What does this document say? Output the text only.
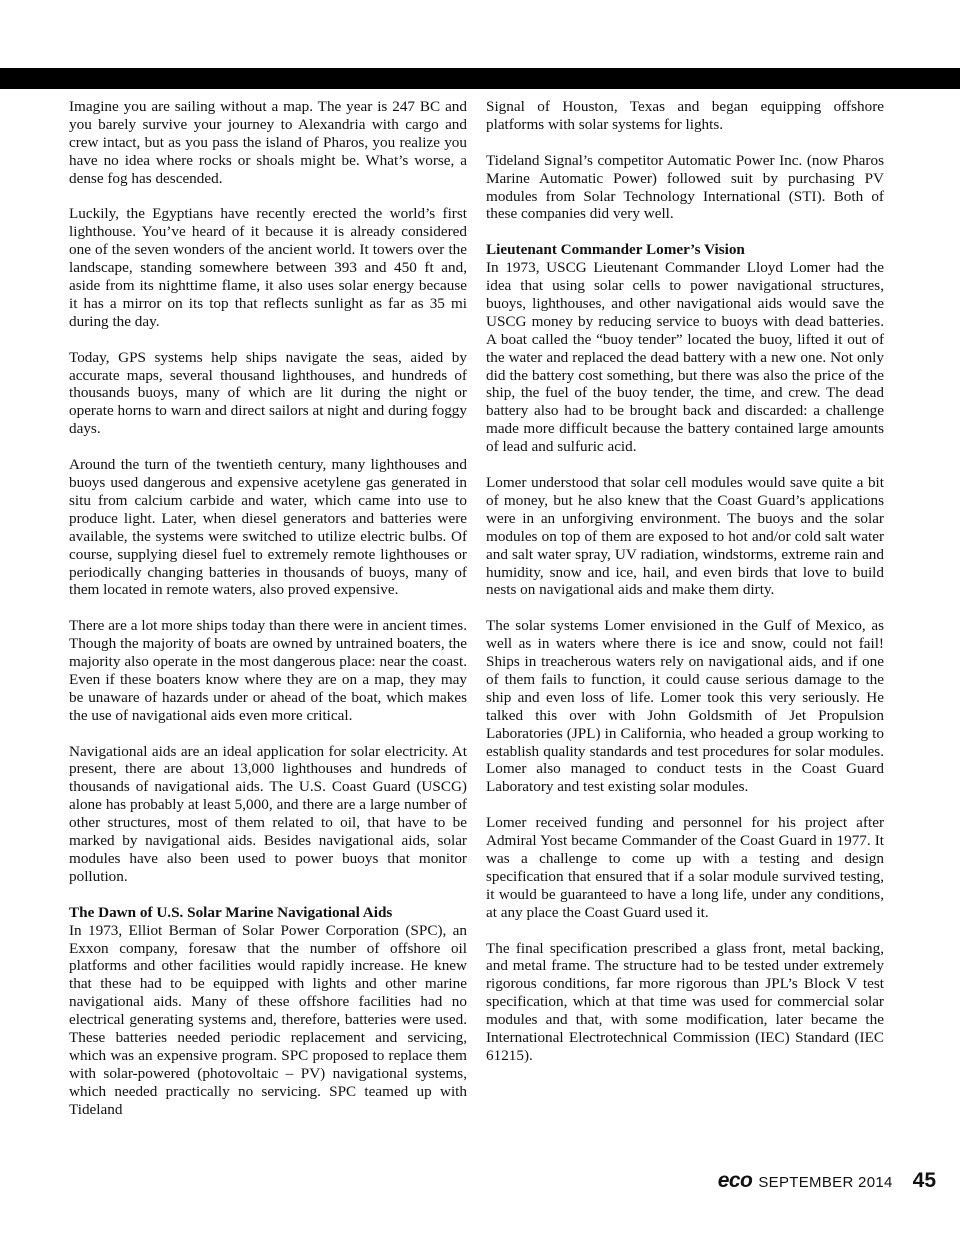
Imagine you are sailing without a map. The year is 247 BC and you barely survive your journey to Alexandria with cargo and crew intact, but as you pass the island of Pharos, you realize you have no idea where rocks or shoals might be. What’s worse, a dense fog has descended.

Luckily, the Egyptians have recently erected the world’s first lighthouse. You’ve heard of it because it is already considered one of the seven wonders of the ancient world. It towers over the landscape, standing somewhere between 393 and 450 ft and, aside from its nighttime flame, it also uses solar energy because it has a mirror on its top that reflects sunlight as far as 35 mi during the day.

Today, GPS systems help ships navigate the seas, aided by accurate maps, several thousand lighthouses, and hundreds of thousands buoys, many of which are lit during the night or operate horns to warn and direct sailors at night and during foggy days.

Around the turn of the twentieth century, many lighthouses and buoys used dangerous and expensive acetylene gas generated in situ from calcium carbide and water, which came into use to produce light. Later, when diesel generators and batteries were available, the systems were switched to utilize electric bulbs. Of course, supplying diesel fuel to extremely remote lighthouses or periodically changing batteries in thousands of buoys, many of them located in remote waters, also proved expensive.

There are a lot more ships today than there were in ancient times. Though the majority of boats are owned by untrained boaters, the majority also operate in the most dangerous place: near the coast. Even if these boaters know where they are on a map, they may be unaware of hazards under or ahead of the boat, which makes the use of navigational aids even more critical.

Navigational aids are an ideal application for solar electricity. At present, there are about 13,000 lighthouses and hundreds of thousands of navigational aids. The U.S. Coast Guard (USCG) alone has probably at least 5,000, and there are a large number of other structures, most of them related to oil, that have to be marked by navigational aids. Besides navigational aids, solar modules have also been used to power buoys that monitor pollution.

The Dawn of U.S. Solar Marine Navigational Aids

In 1973, Elliot Berman of Solar Power Corporation (SPC), an Exxon company, foresaw that the number of offshore oil platforms and other facilities would rapidly increase. He knew that these had to be equipped with lights and other marine navigational aids. Many of these offshore facilities had no electrical generating systems and, therefore, batteries were used. These batteries needed periodic replacement and servicing, which was an expensive program. SPC proposed to replace them with solar-powered (photovoltaic – PV) navigational systems, which needed practically no servicing. SPC teamed up with Tideland

Signal of Houston, Texas and began equipping offshore platforms with solar systems for lights.

Tideland Signal’s competitor Automatic Power Inc. (now Pharos Marine Automatic Power) followed suit by purchasing PV modules from Solar Technology International (STI). Both of these companies did very well.

Lieutenant Commander Lomer’s Vision

In 1973, USCG Lieutenant Commander Lloyd Lomer had the idea that using solar cells to power navigational structures, buoys, lighthouses, and other navigational aids would save the USCG money by reducing service to buoys with dead batteries. A boat called the “buoy tender” located the buoy, lifted it out of the water and replaced the dead battery with a new one. Not only did the battery cost something, but there was also the price of the ship, the fuel of the buoy tender, the time, and crew. The dead battery also had to be brought back and discarded: a challenge made more difficult because the battery contained large amounts of lead and sulfuric acid.

Lomer understood that solar cell modules would save quite a bit of money, but he also knew that the Coast Guard’s applications were in an unforgiving environment. The buoys and the solar modules on top of them are exposed to hot and/or cold salt water and salt water spray, UV radiation, windstorms, extreme rain and humidity, snow and ice, hail, and even birds that love to build nests on navigational aids and make them dirty.

The solar systems Lomer envisioned in the Gulf of Mexico, as well as in waters where there is ice and snow, could not fail! Ships in treacherous waters rely on navigational aids, and if one of them fails to function, it could cause serious damage to the ship and even loss of life. Lomer took this very seriously. He talked this over with John Goldsmith of Jet Propulsion Laboratories (JPL) in California, who headed a group working to establish quality standards and test procedures for solar modules. Lomer also managed to conduct tests in the Coast Guard Laboratory and test existing solar modules.

Lomer received funding and personnel for his project after Admiral Yost became Commander of the Coast Guard in 1977. It was a challenge to come up with a testing and design specification that ensured that if a solar module survived testing, it would be guaranteed to have a long life, under any conditions, at any place the Coast Guard used it.

The final specification prescribed a glass front, metal backing, and metal frame. The structure had to be tested under extremely rigorous conditions, far more rigorous than JPL’s Block V test specification, which at that time was used for commercial solar modules and that, with some modification, later became the International Electrotechnical Commission (IEC) Standard (IEC 61215).

eco SEPTEMBER 2014 45
